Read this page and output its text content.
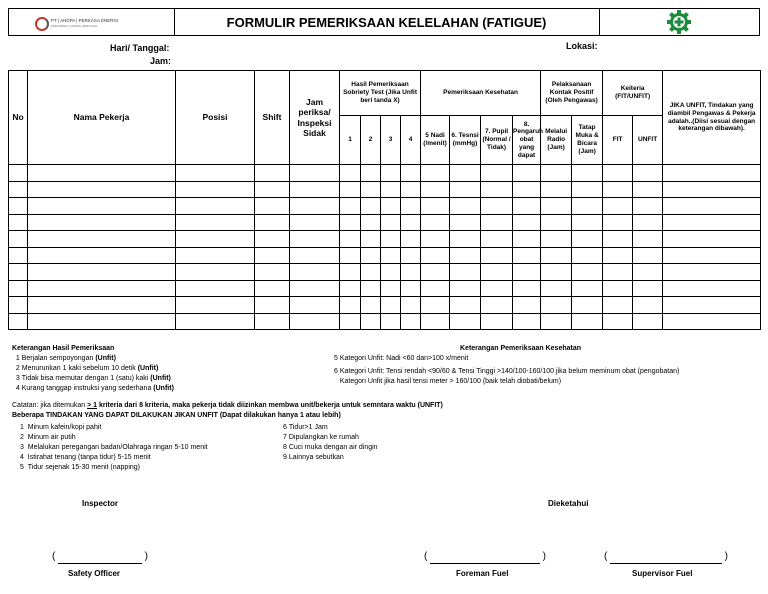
PT | ANDPA | PERKASA ENERGI
PERTAMINA | MINING SERVICES	FORMULIR PEMERIKSAAN KELELAHAN (FATIGUE)
Hari/ Tanggal:
Jam:
Lokasi:
No	Nama Pekerja	Posisi	Shift	Jam periksa/ Inspeksi Sidak	Hasil Pemeriksaan Sobriety Test (Jika Unfit beri tanda X)				Pemeriksaan Kesehatan				Pelaksanaan Kontak Positif (Oleh Pengawas)		Keiteria (FIT/UNFIT)		JIKA UNFIT, Tindakan yang diambil Pengawas & Pekerja adalah..(Diisi sesuai dengan keterangan dibawah).
					1	2	3	4	5 Nadi (/menit)	6. Tesnsi (mmHg)	7. Pupil (Normal / Tidak)	8. Pengaruh obat yang dapat	Melalui Radio (Jam)	Tatap Muka & Bicara (Jam)	FIT	UNFIT	

Keterangan Hasil Pemeriksaan
1 Berjalan sempoyongan (Unfit)
2 Menurunkan 1 kaki sebelum 10 detik (Unfit)
3 Tidak bisa memutar dengan 1 (satu) kaki (Unfit)
4 Kurang tanggap instruksi yang sederhana (Unfit)
Keterangan Pemeriksaan Kesehatan
5 Kategori Unfit: Nadi <60 dan>100 x/menit
6 Kategori Unfit: Tensi rendah <90/60 & Tensi Tinggi >140/100-160/100 jika belum meminum obat (pengobatan)
Kategori Unfit jika hasil tensi meter > 160/100 (baik telah diobati/belum)
Catatan: jika ditemukan > 1 kriteria dari 8 kriteria, maka pekerja tidak diizinkan membwa unit/bekerja untuk semntara waktu (UNFIT)
Beberapa TINDAKAN YANG DAPAT DILAKUKAN JIKAN UNFIT (Dapat dilakukan hanya 1 atau lebih)
1 Minum kafein/kopi pahit
2 Minum air putih
3 Melalukan peregangan badan/Olahraga ringan 5-10 menit
4 Istirahat tenang (tanpa tidur) 5-15 menit
5 Tidur sejenak 15-30 menit (napping)
6 Tidur>1 Jam
7 Dipulangkan ke rumah
8 Cuci muka dengan air dingin
9 Lainnya sebutkan
Inspector	Dieketahui
(	)	(	)	(	)
Safety Officer	Foreman Fuel	Supervisor Fuel
